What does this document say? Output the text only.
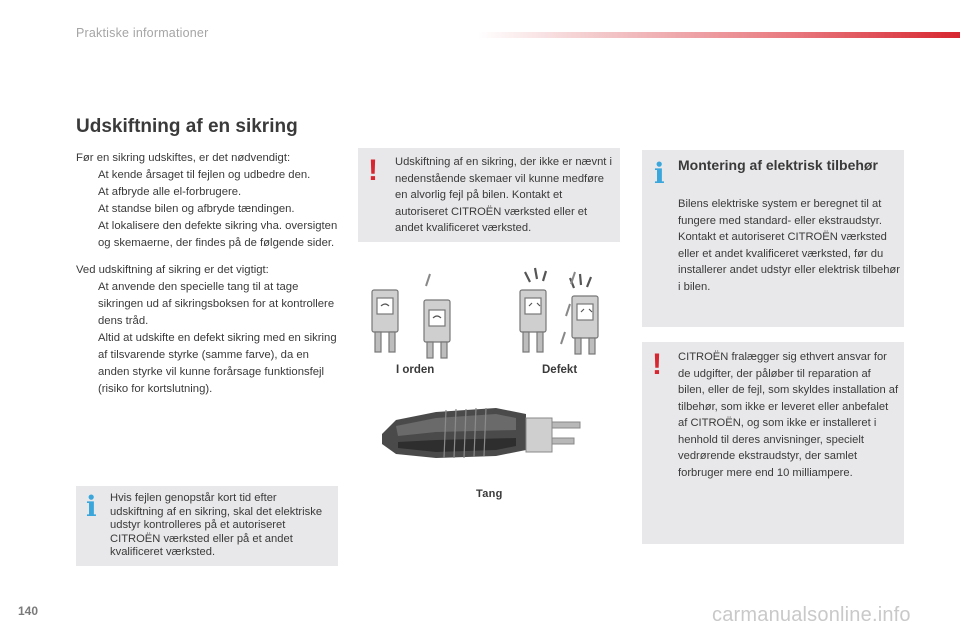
Praktiske informationer
Udskiftning af en sikring

Før en sikring udskiftes, er det nødvendigt:

At kende årsaget til fejlen og udbedre den.
At afbryde alle el-forbrugere.
At standse bilen og afbryde tændingen.
At lokalisere den defekte sikring vha. oversigten og skemaerne, der findes på de følgende sider.

Ved udskiftning af sikring er det vigtigt:

At anvende den specielle tang til at tage sikringen ud af sikringsboksen for at kontrollere dens tråd.
Altid at udskifte en defekt sikring med en sikring af tilsvarende styrke (samme farve), da en anden styrke vil kunne forårsage funktionsfejl (risiko for kortslutning).
i Hvis fejlen genopstår kort tid efter udskiftning af en sikring, skal det elektriske udstyr kontrolleres på et autoriseret CITROËN værksted eller på et andet kvalificeret værksted.
! Udskiftning af en sikring, der ikke er nævnt i nedenstående skemaer vil kunne medføre en alvorlig fejl på bilen. Kontakt et autoriseret CITROËN værksted eller et andet kvalificeret værksted.
I orden	Defekt
Tang
i Montering af elektrisk tilbehør
Bilens elektriske system er beregnet til at fungere med standard- eller ekstraudstyr.
Kontakt et autoriseret CITROËN værksted eller et andet kvalificeret værksted, før du installerer andet udstyr eller elektrisk tilbehør i bilen.
! CITROËN fralægger sig ethvert ansvar for de udgifter, der påløber til reparation af bilen, eller de fejl, som skyldes installation af tilbehør, som ikke er leveret eller anbefalet af CITROËN, og som ikke er installeret i henhold til deres anvisninger, specielt vedrørende ekstraudstyr, der samlet forbruger mere end 10 milliampere.
140	carmanualsonline.info
